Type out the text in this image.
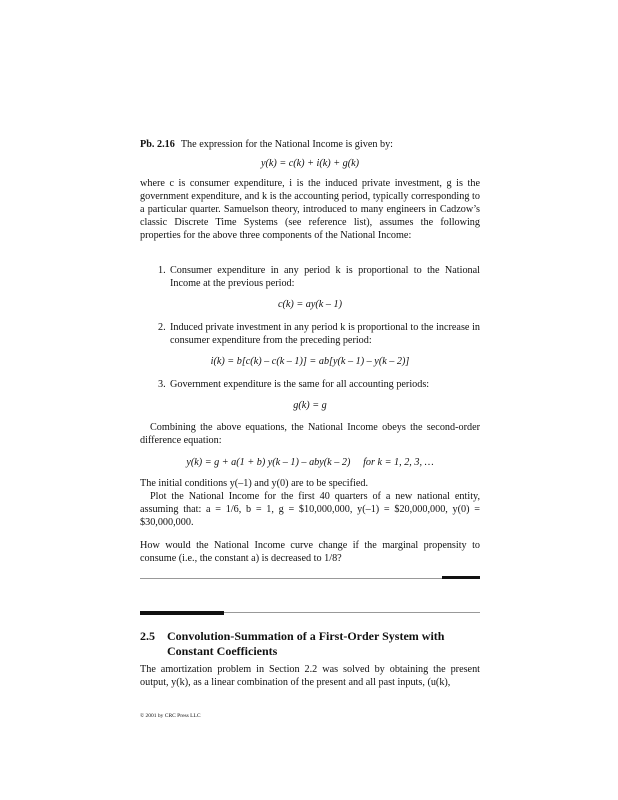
Pb. 2.16 The expression for the National Income is given by:
y(k) = c(k) + i(k) + g(k)
where c is consumer expenditure, i is the induced private investment, g is the government expenditure, and k is the accounting period, typically corresponding to a particular quarter. Samuelson theory, introduced to many engineers in Cadzow’s classic Discrete Time Systems (see reference list), assumes the following properties for the above three components of the National Income:
1. Consumer expenditure in any period k is proportional to the National Income at the previous period:
c(k) = ay(k – 1)
2. Induced private investment in any period k is proportional to the increase in consumer expenditure from the preceding period:
i(k) = b[c(k) – c(k – 1)] = ab[y(k – 1) – y(k – 2)]
3. Government expenditure is the same for all accounting periods:
g(k) = g
Combining the above equations, the National Income obeys the second-order difference equation:
y(k) = g + a(1 + b) y(k – 1) – aby(k – 2)     for k = 1, 2, 3, …
The initial conditions y(–1) and y(0) are to be specified.
Plot the National Income for the first 40 quarters of a new national entity, assuming that: a = 1/6, b = 1, g = $10,000,000, y(–1) = $20,000,000, y(0) = $30,000,000.
How would the National Income curve change if the marginal propensity to consume (i.e., the constant a) is decreased to 1/8?
2.5	Convolution-Summation of a First-Order System with Constant Coefficients
The amortization problem in Section 2.2 was solved by obtaining the present output, y(k), as a linear combination of the present and all past inputs, (u(k),
© 2001 by CRC Press LLC
